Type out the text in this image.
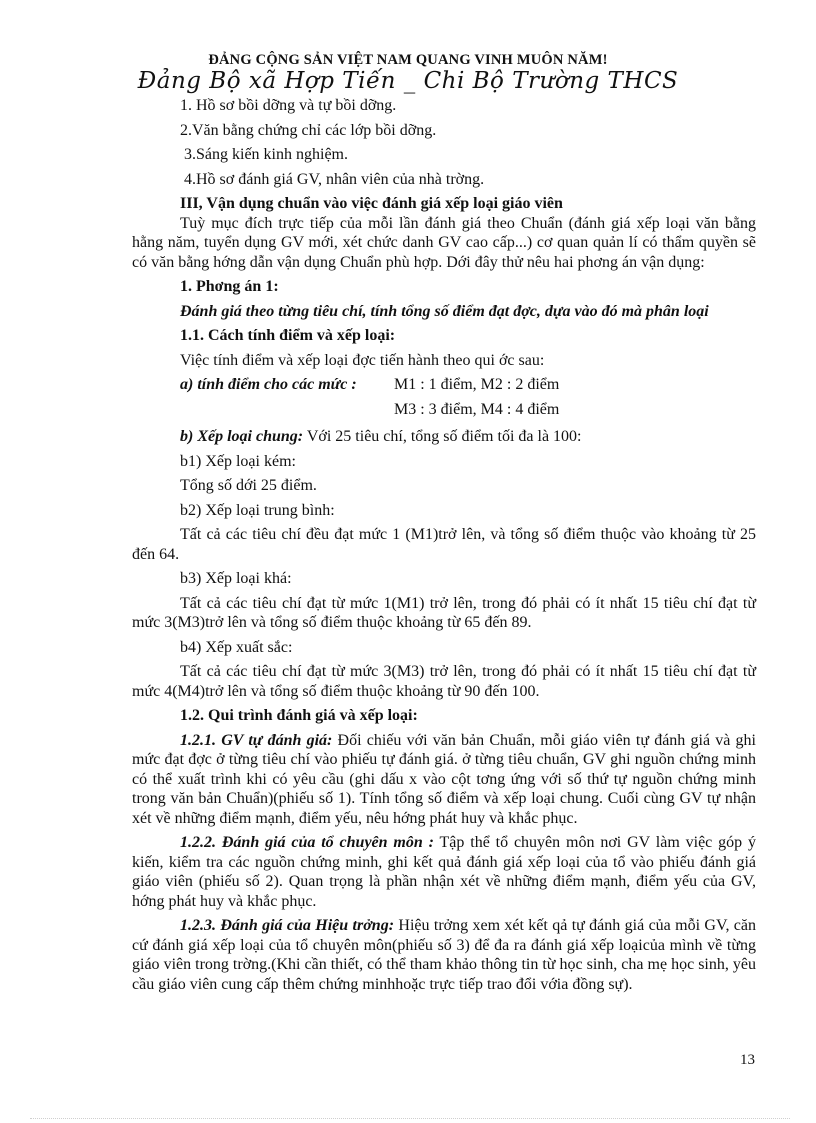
ĐẢNG CỘNG SẢN VIỆT NAM QUANG VINH MUÔN NĂM!
Đảng Bộ xã Hợp Tiến _ Chi Bộ Trường THCS

1. Hồ sơ bồi dỡng và tự bồi dỡng.

2.Văn bằng chứng chỉ các lớp bồi dỡng.

3.Sáng kiến kinh nghiệm.

4.Hồ sơ đánh giá GV, nhân viên của nhà trờng.

III, Vận dụng chuẩn vào việc đánh giá xếp loại giáo viên

Tuỳ mục đích trực tiếp của mỗi lần đánh giá theo Chuẩn (đánh giá xếp loại văn bằng hằng năm, tuyển dụng GV mới, xét chức danh GV cao cấp...) cơ quan quản lí có thẩm quyền sẽ có văn bằng hớng dẫn vận dụng Chuẩn phù hợp. Dới đây thử nêu hai phơng án vận dụng:

1. Phơng án 1:

Đánh giá theo từng tiêu chí, tính tổng số điểm đạt đợc, dựa vào đó mà phân loại

1.1. Cách tính điểm và xếp loại:

Việc tính điểm và xếp loại đợc tiến hành theo qui ớc sau:

a) tính điểm cho các mức :	M1 : 1 điểm, M2 : 2 điểm
M3 : 3 điểm, M4 : 4 điểm

b) Xếp loại chung: Với 25 tiêu chí, tổng số điểm tối đa là 100:

b1) Xếp loại kém:

Tổng số dới 25 điểm.

b2) Xếp loại trung bình:

Tất cả các tiêu chí đều đạt mức 1 (M1)trở lên, và tổng số điểm thuộc vào khoảng từ 25 đến 64.

b3) Xếp loại khá:

Tất cả các tiêu chí đạt từ mức 1(M1) trở lên, trong đó phải có ít nhất 15 tiêu chí đạt từ mức 3(M3)trở lên và tổng số điểm thuộc khoảng từ 65 đến 89.

b4) Xếp xuất sắc:

Tất cả các tiêu chí đạt từ mức 3(M3) trở lên, trong đó phải có ít nhất 15 tiêu chí đạt từ mức 4(M4)trở lên và tổng số điểm thuộc khoảng từ 90 đến 100.

1.2. Qui trình đánh giá và xếp loại:

1.2.1. GV tự đánh giá: Đối chiếu với văn bản Chuẩn, mỗi giáo viên tự đánh giá và ghi mức đạt đợc ở từng tiêu chí vào phiếu tự đánh giá. ở từng tiêu chuẩn, GV ghi nguồn chứng minh có thể xuất trình khi có yêu cầu (ghi dấu x vào cột tơng ứng với số thứ tự nguồn chứng minh trong văn bản Chuẩn)(phiếu số 1). Tính tổng số điểm và xếp loại chung. Cuối cùng GV tự nhận xét về những điểm mạnh, điểm yếu, nêu hớng phát huy và khắc phục.

1.2.2. Đánh giá của tổ chuyên môn : Tập thể tổ chuyên môn nơi GV làm việc góp ý kiến, kiểm tra các nguồn chứng minh, ghi kết quả đánh giá xếp loại của tổ vào phiếu đánh giá giáo viên (phiếu số 2). Quan trọng là phần nhận xét về những điểm mạnh, điểm yếu của GV, hớng phát huy và khắc phục.

1.2.3. Đánh giá của Hiệu trởng: Hiệu trởng xem xét kết qả tự đánh giá của mỗi GV, căn cứ đánh giá xếp loại của tổ chuyên môn(phiếu số 3) để đa ra đánh giá xếp loạicủa mình về từng giáo viên trong trờng.(Khi cần thiết, có thể tham khảo thông tin từ học sinh, cha mẹ học sinh, yêu cầu giáo viên cung cấp thêm chứng minhhoặc trực tiếp trao đổi vớia đồng sự).

13
